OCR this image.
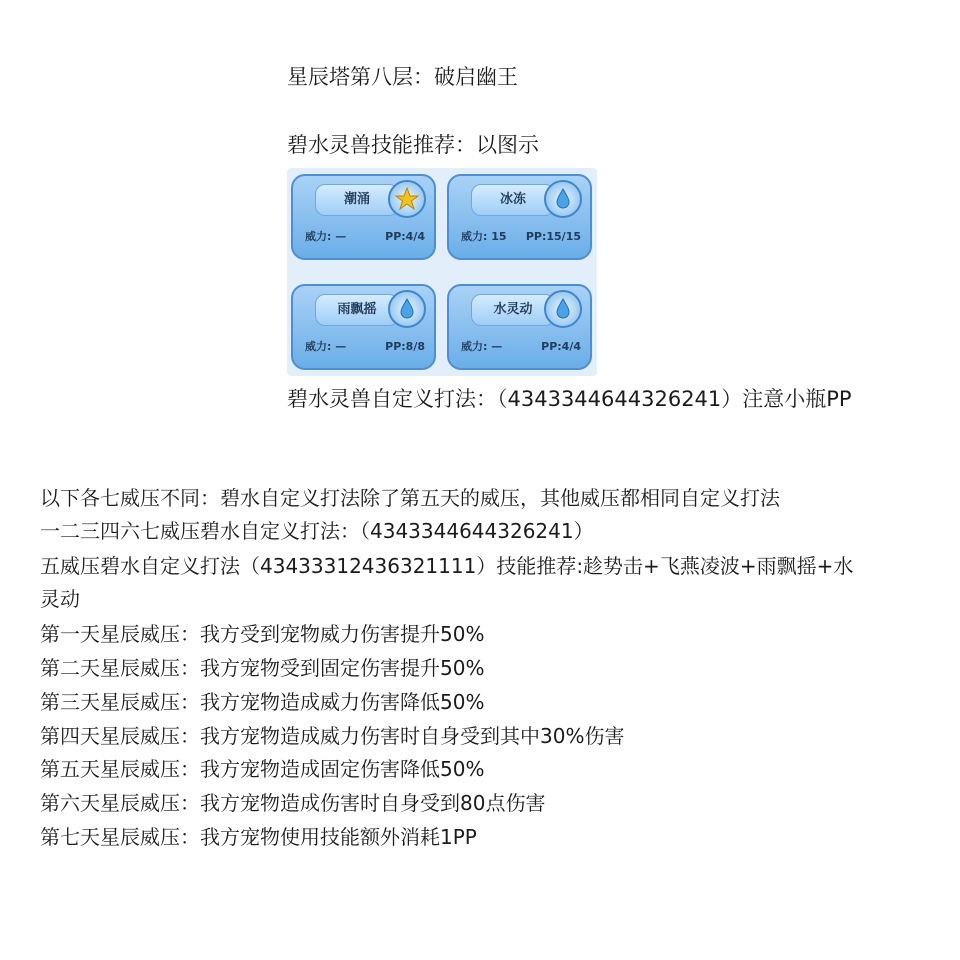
星辰塔第八层：破启幽王
碧水灵兽技能推荐：以图示
潮涌
威力: —	PP:4/4
冰冻
威力: 15 PP:15/15
雨飘摇
威力: —	PP:8/8
水灵动
威力: —	PP:4/4
碧水灵兽自定义打法：（4343344644326241）注意小瓶PP
以下各七威压不同：碧水自定义打法除了第五天的威压，其他威压都相同自定义打法
一二三四六七威压碧水自定义打法：（4343344644326241）
五威压碧水自定义打法（43433312436321111）技能推荐:趁势击+飞燕凌波+雨飘摇+水
灵动
第一天星辰威压：我方受到宠物威力伤害提升50%
第二天星辰威压：我方宠物受到固定伤害提升50%
第三天星辰威压：我方宠物造成威力伤害降低50%
第四天星辰威压：我方宠物造成威力伤害时自身受到其中30%伤害
第五天星辰威压：我方宠物造成固定伤害降低50%
第六天星辰威压：我方宠物造成伤害时自身受到80点伤害
第七天星辰威压：我方宠物使用技能额外消耗1PP
